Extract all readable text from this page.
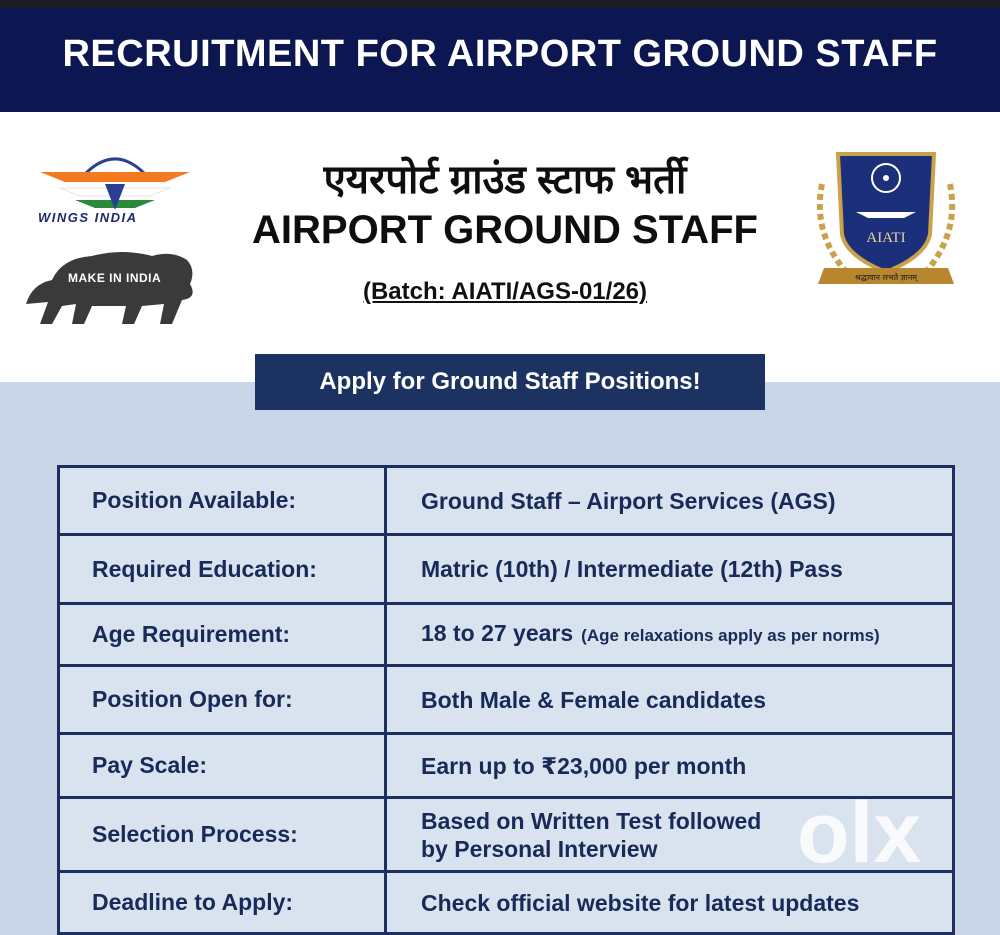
RECRUITMENT FOR AIRPORT GROUND STAFF
WINGS INDIA
MAKE IN INDIA
एयरपोर्ट ग्राउंड स्टाफ भर्ती
AIRPORT GROUND STAFF
(Batch: AIATI/AGS-01/26)
AIATI
श्रद्धावान लभते ज्ञानम्
Apply for Ground Staff Positions!
Position Available:	Ground Staff – Airport Services (AGS)
Required Education:	Matric (10th) / Intermediate (12th) Pass
Age Requirement:	18 to 27 years (Age relaxations apply as per norms)
Position Open for:	Both Male & Female candidates
Pay Scale:	Earn up to ₹23,000 per month
Selection Process:	Based on Written Test followed
by Personal Interview

Deadline to Apply:	Check official website for latest updates
olx
